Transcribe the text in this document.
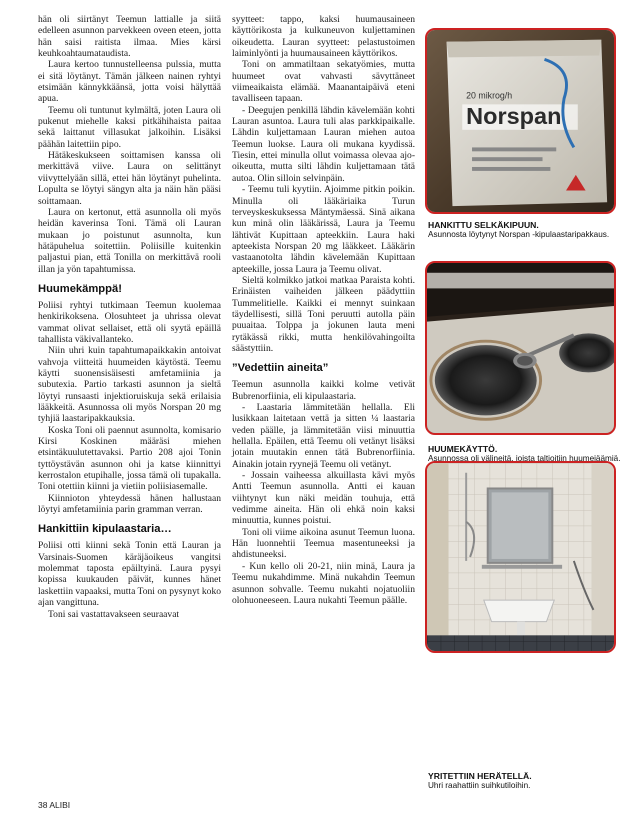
hän oli siirtänyt Teemun lattialle ja siitä edelleen asunnon parvekkeen oveen eteen, jotta hän saisi raitista ilmaa. Mies kärsi keuhkoahtaumataudista.

Laura kertoo tunnustelleensa pulssia, mutta ei sitä löytänyt. Tämän jälkeen nainen ryhtyi etsimään kännykkäänsä, jotta voisi hälyttää apua.

Teemu oli tuntunut kylmältä, joten Laura oli pukenut miehelle kaksi pitkähihaista paitaa sekä laittanut villasukat jalkoihin. Lisäksi päähän laitettiin pipo.

Hätäkeskukseen soittamisen kanssa oli merkittävä viive. Laura on selittänyt viivyttelyään sillä, ettei hän löytänyt puhelinta. Lopulta se löytyi sängyn alta ja näin hän pääsi soittamaan.

Laura on kertonut, että asunnolla oli myös heidän kaverinsa Toni. Tämä oli Lauran mukaan jo poistunut asunnolta, kun hätäpuhelua soitettiin. Poliisille kuitenkin paljastui pian, että Tonilla on merkittävä rooli illan ja yön tapahtumissa.

Huumekämppä!

Poliisi ryhtyi tutkimaan Teemun kuolemaa henkirikoksena. Olosuhteet ja uhrissa olevat vammat olivat sellaiset, että oli syytä epäillä tahallista väkivallanteko.

Niin uhri kuin tapahtumapaikkakin antoivat vahvoja viitteitä huumeiden käytöstä. Teemu käytti suonensisäisesti amfetamiinia ja subutexia. Partio tarkasti asunnon ja sieltä löytyi runsaasti injektioruiskuja sekä erilaisia lääkkeitä. Asunnossa oli myös Norspan 20 mg tyhjiä laastaripakkauksia.

Koska Toni oli paennut asunnolta, komisario Kirsi Koskinen määräsi miehen etsintäkuulutettavaksi. Partio 208 ajoi Tonin tyttöystävän asunnon ohi ja katse kiinnittyi kerrostalon etupihalle, jossa tämä oli tupakalla. Toni otettiin kiinni ja vietiin poliisiasemalle.

Kiinnioton yhteydessä hänen hallustaan löytyi amfetamiinia parin gramman verran.

Hankittiin kipulaastaria…

Poliisi otti kiinni sekä Tonin että Lauran ja Varsinais-Suomen käräjäoikeus vangitsi molemmat taposta epäiltyinä. Laura pysyi kopissa kuukauden päivät, kunnes hänet laskettiin vapaaksi, mutta Toni on pysynyt koko ajan vangittuna.

Toni sai vastattavakseen seuraavat

syytteet: tappo, kaksi huumausaineen käyttörikosta ja kulkuneuvon kuljettaminen oikeudetta. Lauran syytteet: pelastustoimen laiminlyönti ja huumausaineen käyttörikos.

Toni on ammatiltaan sekatyömies, mutta huumeet ovat vahvasti sävyttäneet viimeaikaista elämää. Maanantaipäivä eteni tavalliseen tapaan.

- Deegujen penkillä lähdin kävelemään kohti Lauran asuntoa. Laura tuli alas parkkipaikalle. Lähdin kuljettamaan Lauran miehen autoa Teemun luokse. Laura oli mukana kyydissä. Tiesin, ettei minulla ollut voimassa olevaa ajo-oikeutta, mutta silti lähdin kuljettamaan tätä autoa. Olin silloin selvinpäin.

- Teemu tuli kyytiin. Ajoimme pitkin poikin. Minulla oli lääkäriaika Turun terveyskeskuksessa Mäntymäessä. Sinä aikana kun minä olin lääkärissä, Laura ja Teemu lähtivät Kupittaan apteekkiin. Laura haki apteekista Norspan 20 mg lääkkeet. Lääkärin vastaanotolta lähdin kävelemään Kupittaan apteekille, jossa Laura ja Teemu olivat.

Sieltä kolmikko jatkoi matkaa Paraista kohti. Erinäisten vaiheiden jälkeen päädyttiin Tummelitielle. Kaikki ei mennyt suinkaan täydellisesti, sillä Toni peruutti autolla päin puuaitaa. Tolppa ja jokunen lauta meni rytäkässä rikki, mutta henkilövahingoilta säästyttiin.

”Vedettiin aineita”

Teemun asunnolla kaikki kolme vetivät Bubrenorfiinia, eli kipulaastaria.

- Laastaria lämmitetään hellalla. Eli lusikkaan laitetaan vettä ja sitten ¼ laastaria veden päälle, ja lämmitetään viisi minuuttia hellalla. Epäilen, että Teemu oli vetänyt lisäksi jotain muutakin ennen tätä Bubrenorfiinia. Ainakin jotain ryynejä Teemu oli vetänyt.

- Jossain vaiheessa alkuillasta kävi myös Antti Teemun asunnolla. Antti ei kauan viihtynyt kun näki meidän touhuja, että vedimme aineita. Hän oli ehkä noin kaksi minuuttia, kunnes poistui.

Toni oli viime aikoina asunut Teemun luona. Hän luonnehtii Teemua masentuneeksi ja ahdistuneeksi.

- Kun kello oli 20-21, niin minä, Laura ja Teemu nukahdimme. Minä nukahdin Teemun asunnon sohvalle. Teemu nukahti nojatuoliin olohuoneeseen. Laura nukahti Teemun päälle.

20 mikrog/h
Norspan
HANKITTU SELKÄKIPUUN.
Asunnosta löytynyt Norspan -kipulaastaripakkaus.
HUUMEKÄYTTÖ.
Asunnossa oli välineitä, joista taltioitiin huumejäämiä.
YRITETTIIN HERÄTELLÄ.
Uhri raahattiin suihkutiloihin.
38 ALIBI
